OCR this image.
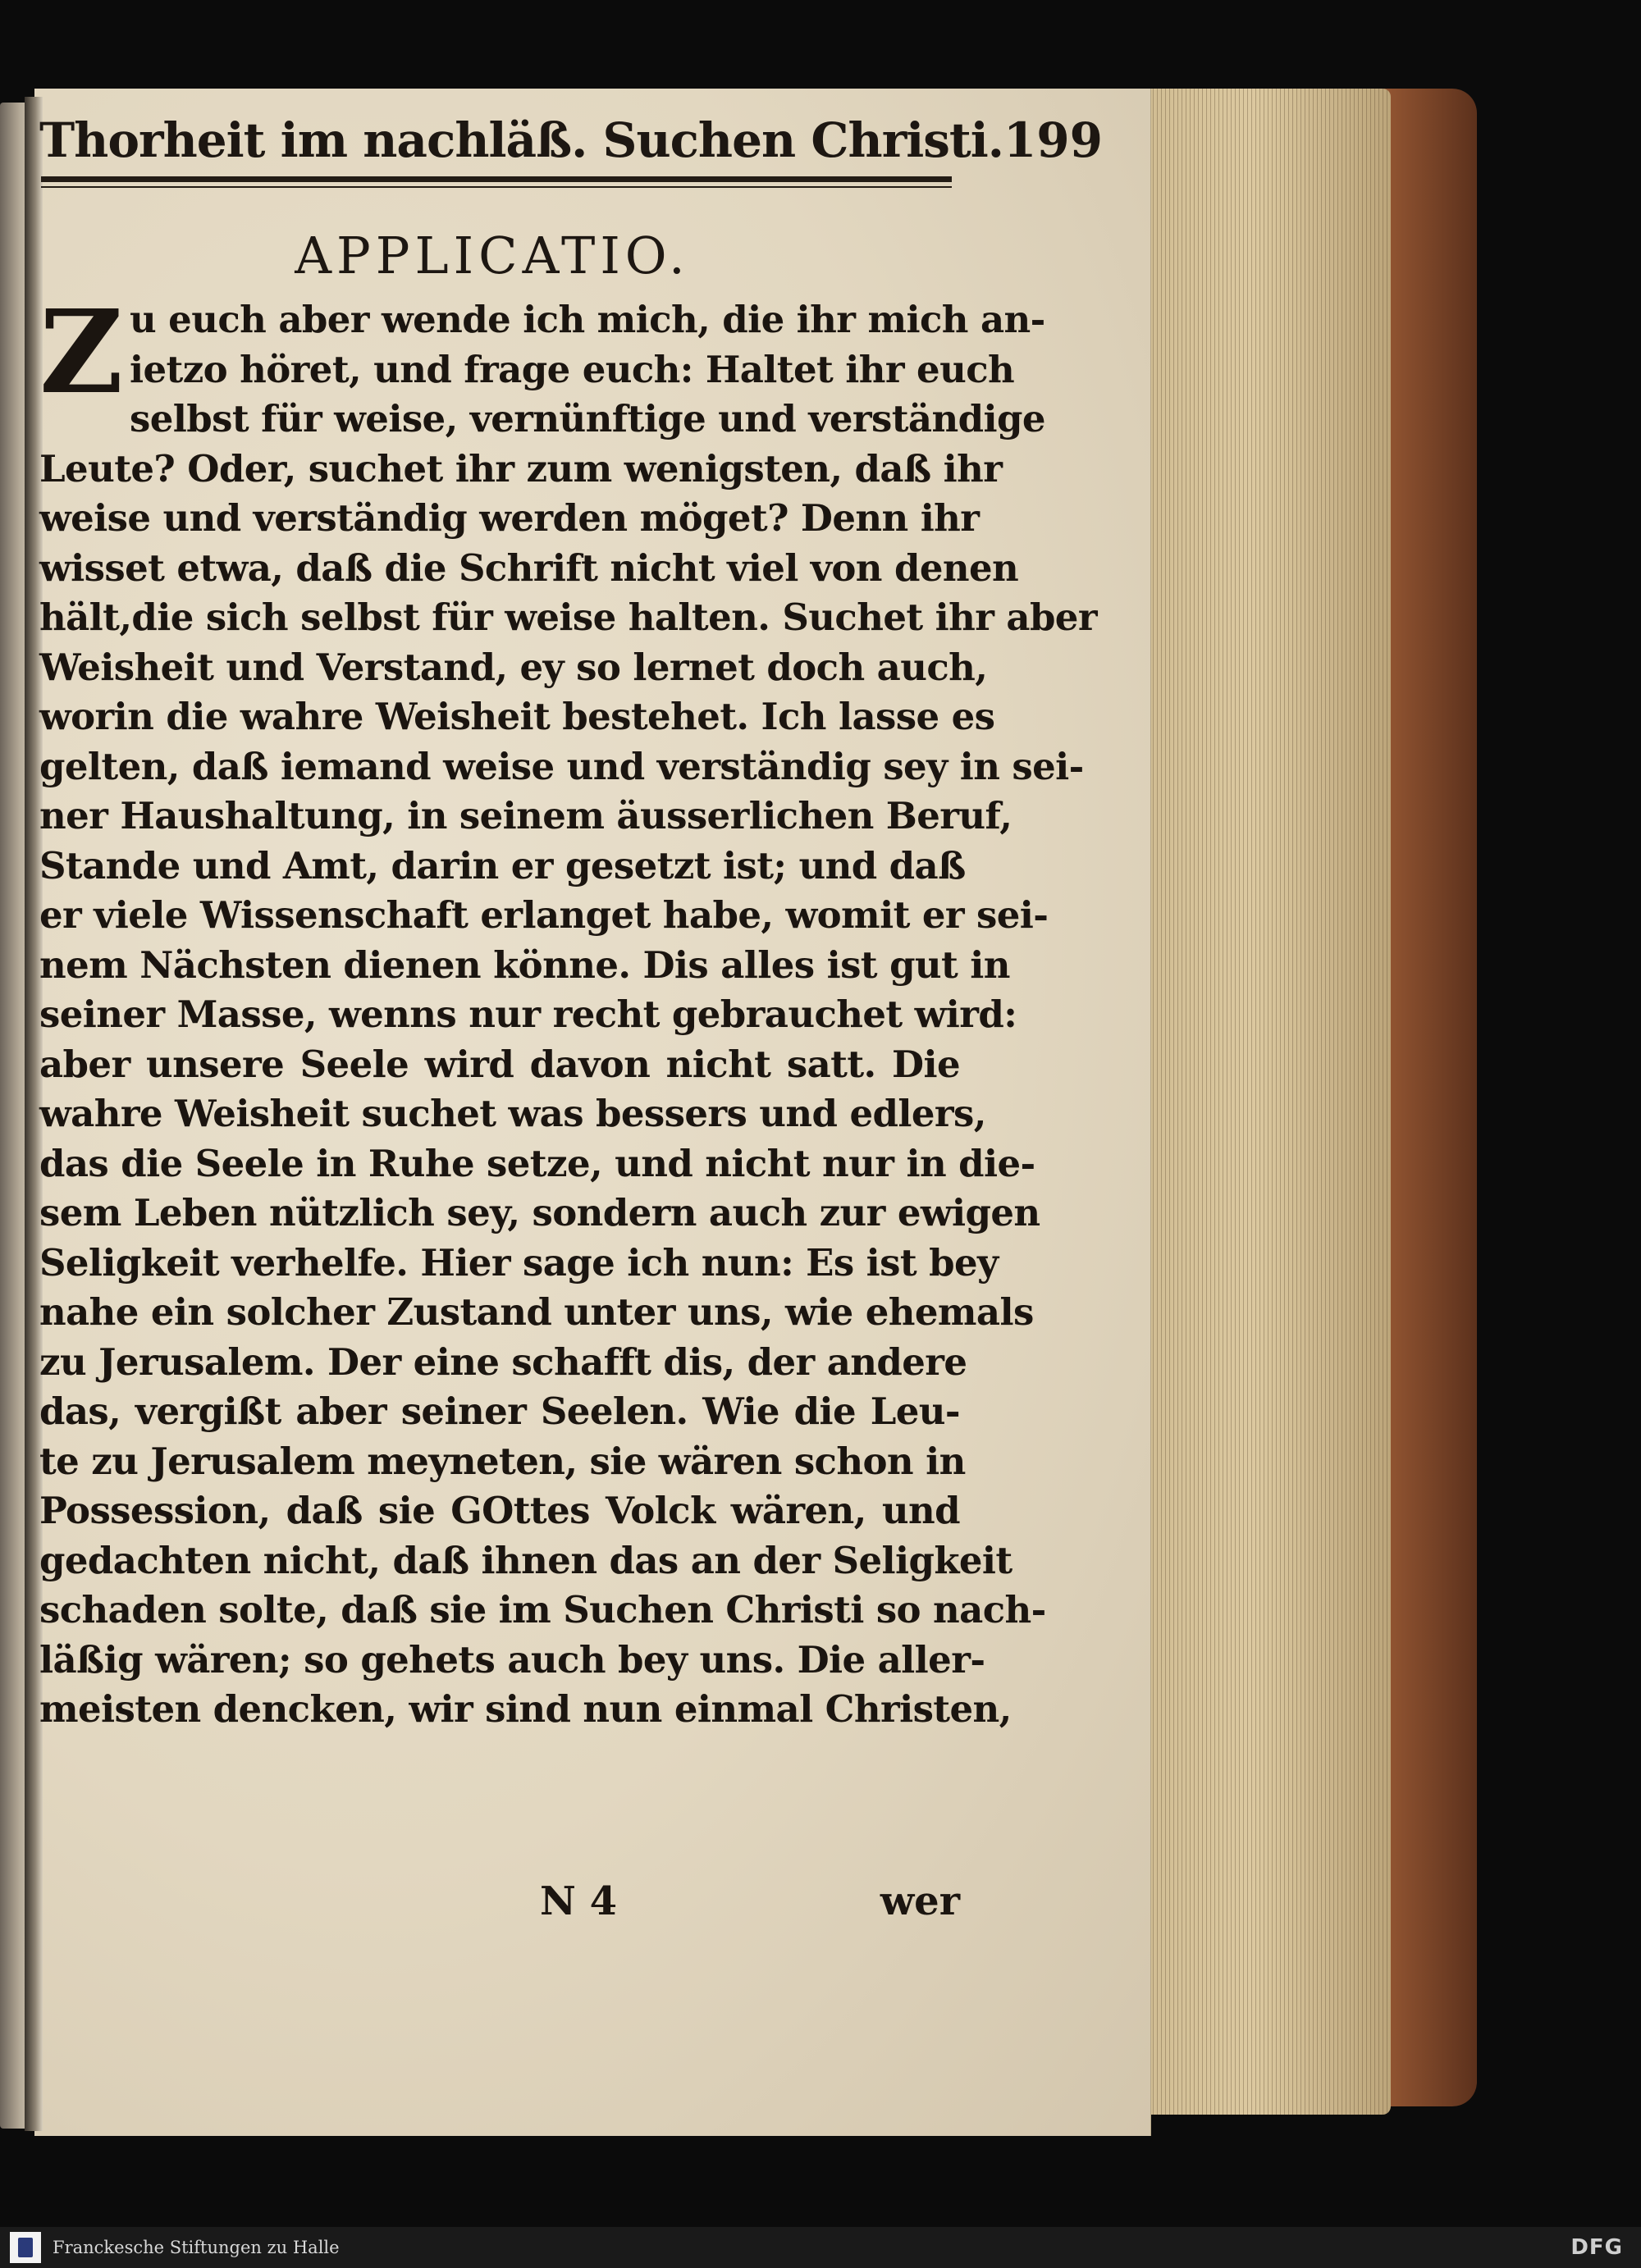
Thorheit im nachläß. Suchen Christi. 199
APPLICATIO.
Z u euch aber wende ich mich, die ihr mich an-
ietzo höret, und frage euch: Haltet ihr euch
selbst für weise, vernünftige und verständige
Leute? Oder, suchet ihr zum wenigsten, daß ihr
weise und verständig werden möget? Denn ihr
wisset etwa, daß die Schrift nicht viel von denen
hält,die sich selbst für weise halten. Suchet ihr aber
Weisheit und Verstand, ey so lernet doch auch,
worin die wahre Weisheit bestehet. Ich lasse es
gelten, daß iemand weise und verständig sey in sei-
ner Haushaltung, in seinem äusserlichen Beruf,
Stande und Amt, darin er gesetzt ist; und daß
er viele Wissenschaft erlanget habe, womit er sei-
nem Nächsten dienen könne. Dis alles ist gut in
seiner Masse, wenns nur recht gebrauchet wird:
aber unsere Seele wird davon nicht satt. Die
wahre Weisheit suchet was bessers und edlers,
das die Seele in Ruhe setze, und nicht nur in die-
sem Leben nützlich sey, sondern auch zur ewigen
Seligkeit verhelfe. Hier sage ich nun: Es ist bey
nahe ein solcher Zustand unter uns, wie ehemals
zu Jerusalem. Der eine schafft dis, der andere
das, vergißt aber seiner Seelen. Wie die Leu-
te zu Jerusalem meyneten, sie wären schon in
Possession, daß sie GOttes Volck wären, und
gedachten nicht, daß ihnen das an der Seligkeit
schaden solte, daß sie im Suchen Christi so nach-
läßig wären; so gehets auch bey uns. Die aller-
meisten dencken, wir sind nun einmal Christen,
N 4	wer
Franckesche Stiftungen zu Halle	DFG
